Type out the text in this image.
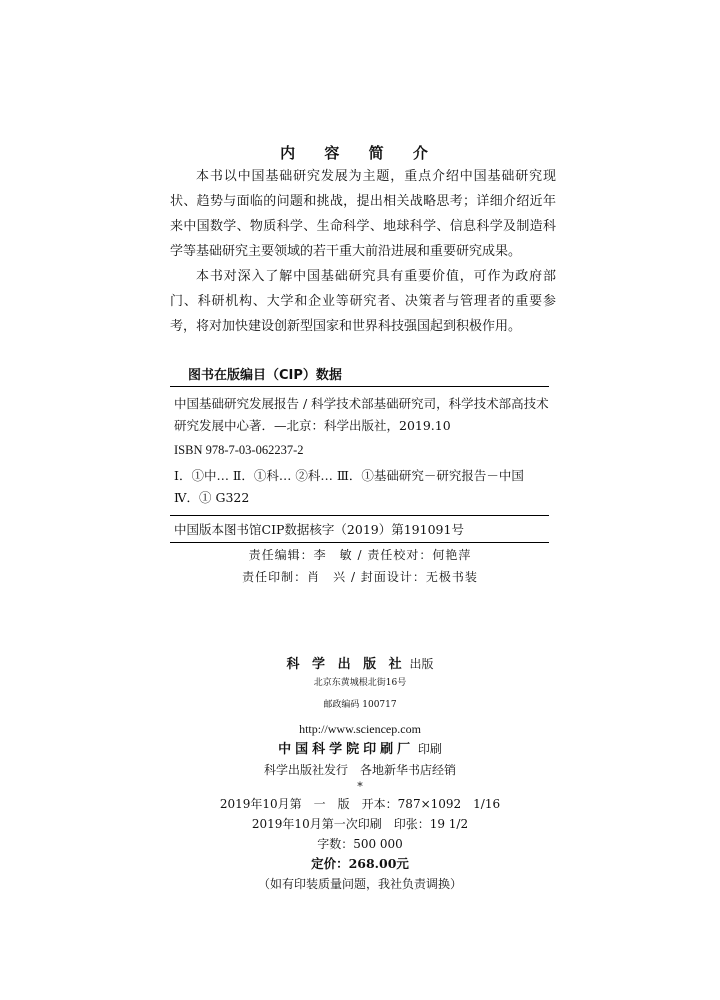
内 容 简 介
本书以中国基础研究发展为主题，重点介绍中国基础研究现状、趋势与面临的问题和挑战，提出相关战略思考；详细介绍近年来中国数学、物质科学、生命科学、地球科学、信息科学及制造科学等基础研究主要领域的若干重大前沿进展和重要研究成果。
本书对深入了解中国基础研究具有重要价值，可作为政府部门、科研机构、大学和企业等研究者、决策者与管理者的重要参考，将对加快建设创新型国家和世界科技强国起到积极作用。
图书在版编目（CIP）数据
中国基础研究发展报告 / 科学技术部基础研究司，科学技术部高技术
研究发展中心著．—北京：科学出版社，2019.10
ISBN 978-7-03-062237-2
Ⅰ．①中… Ⅱ．①科… ②科… Ⅲ．①基础研究－研究报告－中国
Ⅳ．① G322
中国版本图书馆CIP数据核字（2019）第191091号
责任编辑：李　敏 / 责任校对：何艳萍
责任印制：肖　兴 / 封面设计：无极书装
科 学 出 版 社 出版
北京东黄城根北街16号
邮政编码 100717
http://www.sciencep.com
中国科学院印刷厂 印刷
科学出版社发行　各地新华书店经销
*
2019年10月第　一　版　开本：787×1092　1/16
2019年10月第一次印刷　印张：19 1/2
字数：500 000
定价：268.00元
（如有印装质量问题，我社负责调换）
